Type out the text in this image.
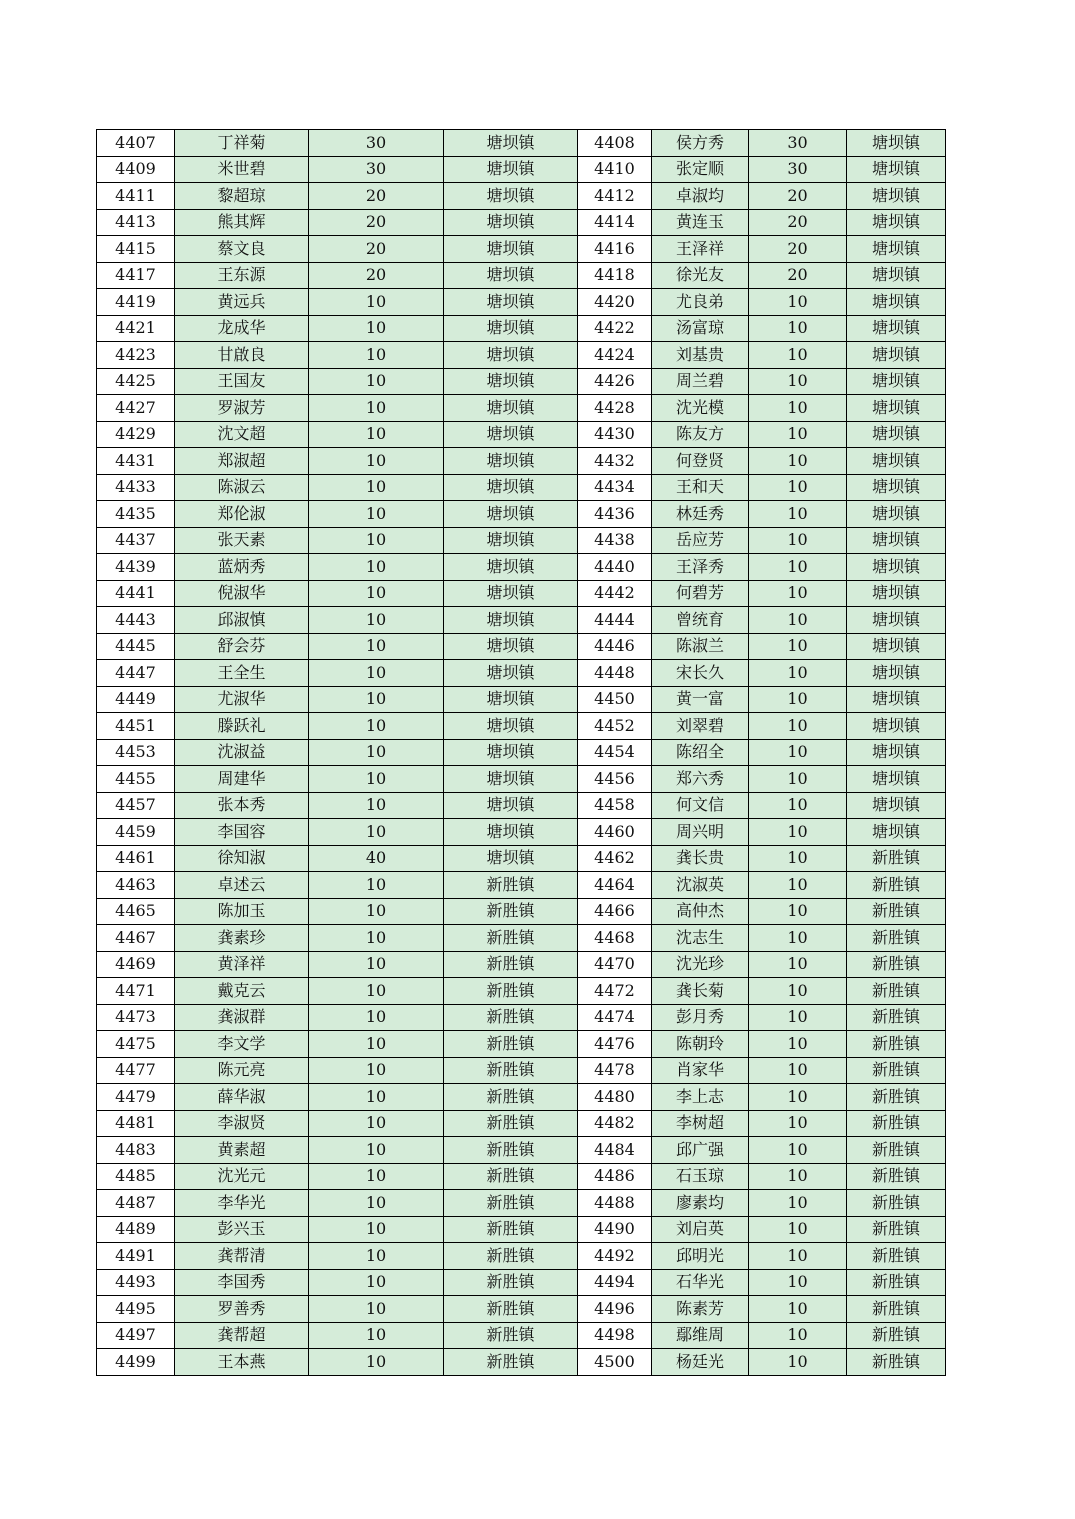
4407	丁祥菊	30	塘坝镇	4408	侯方秀	30	塘坝镇
4409	米世碧	30	塘坝镇	4410	张定顺	30	塘坝镇
4411	黎超琼	20	塘坝镇	4412	卓淑均	20	塘坝镇
4413	熊其辉	20	塘坝镇	4414	黄连玉	20	塘坝镇
4415	蔡文良	20	塘坝镇	4416	王泽祥	20	塘坝镇
4417	王东源	20	塘坝镇	4418	徐光友	20	塘坝镇
4419	黄远兵	10	塘坝镇	4420	尤良弟	10	塘坝镇
4421	龙成华	10	塘坝镇	4422	汤富琼	10	塘坝镇
4423	甘啟良	10	塘坝镇	4424	刘基贵	10	塘坝镇
4425	王国友	10	塘坝镇	4426	周兰碧	10	塘坝镇
4427	罗淑芳	10	塘坝镇	4428	沈光模	10	塘坝镇
4429	沈文超	10	塘坝镇	4430	陈友方	10	塘坝镇
4431	郑淑超	10	塘坝镇	4432	何登贤	10	塘坝镇
4433	陈淑云	10	塘坝镇	4434	王和天	10	塘坝镇
4435	郑伦淑	10	塘坝镇	4436	林廷秀	10	塘坝镇
4437	张天素	10	塘坝镇	4438	岳应芳	10	塘坝镇
4439	蓝炳秀	10	塘坝镇	4440	王泽秀	10	塘坝镇
4441	倪淑华	10	塘坝镇	4442	何碧芳	10	塘坝镇
4443	邱淑慎	10	塘坝镇	4444	曾统育	10	塘坝镇
4445	舒会芬	10	塘坝镇	4446	陈淑兰	10	塘坝镇
4447	王全生	10	塘坝镇	4448	宋长久	10	塘坝镇
4449	尤淑华	10	塘坝镇	4450	黄一富	10	塘坝镇
4451	滕跃礼	10	塘坝镇	4452	刘翠碧	10	塘坝镇
4453	沈淑益	10	塘坝镇	4454	陈绍全	10	塘坝镇
4455	周建华	10	塘坝镇	4456	郑六秀	10	塘坝镇
4457	张本秀	10	塘坝镇	4458	何文信	10	塘坝镇
4459	李国容	10	塘坝镇	4460	周兴明	10	塘坝镇
4461	徐知淑	40	塘坝镇	4462	龚长贵	10	新胜镇
4463	卓述云	10	新胜镇	4464	沈淑英	10	新胜镇
4465	陈加玉	10	新胜镇	4466	高仲杰	10	新胜镇
4467	龚素珍	10	新胜镇	4468	沈志生	10	新胜镇
4469	黄泽祥	10	新胜镇	4470	沈光珍	10	新胜镇
4471	戴克云	10	新胜镇	4472	龚长菊	10	新胜镇
4473	龚淑群	10	新胜镇	4474	彭月秀	10	新胜镇
4475	李文学	10	新胜镇	4476	陈朝玲	10	新胜镇
4477	陈元亮	10	新胜镇	4478	肖家华	10	新胜镇
4479	薛华淑	10	新胜镇	4480	李上志	10	新胜镇
4481	李淑贤	10	新胜镇	4482	李树超	10	新胜镇
4483	黄素超	10	新胜镇	4484	邱广强	10	新胜镇
4485	沈光元	10	新胜镇	4486	石玉琼	10	新胜镇
4487	李华光	10	新胜镇	4488	廖素均	10	新胜镇
4489	彭兴玉	10	新胜镇	4490	刘启英	10	新胜镇
4491	龚帮清	10	新胜镇	4492	邱明光	10	新胜镇
4493	李国秀	10	新胜镇	4494	石华光	10	新胜镇
4495	罗善秀	10	新胜镇	4496	陈素芳	10	新胜镇
4497	龚帮超	10	新胜镇	4498	鄢维周	10	新胜镇
4499	王本燕	10	新胜镇	4500	杨廷光	10	新胜镇
